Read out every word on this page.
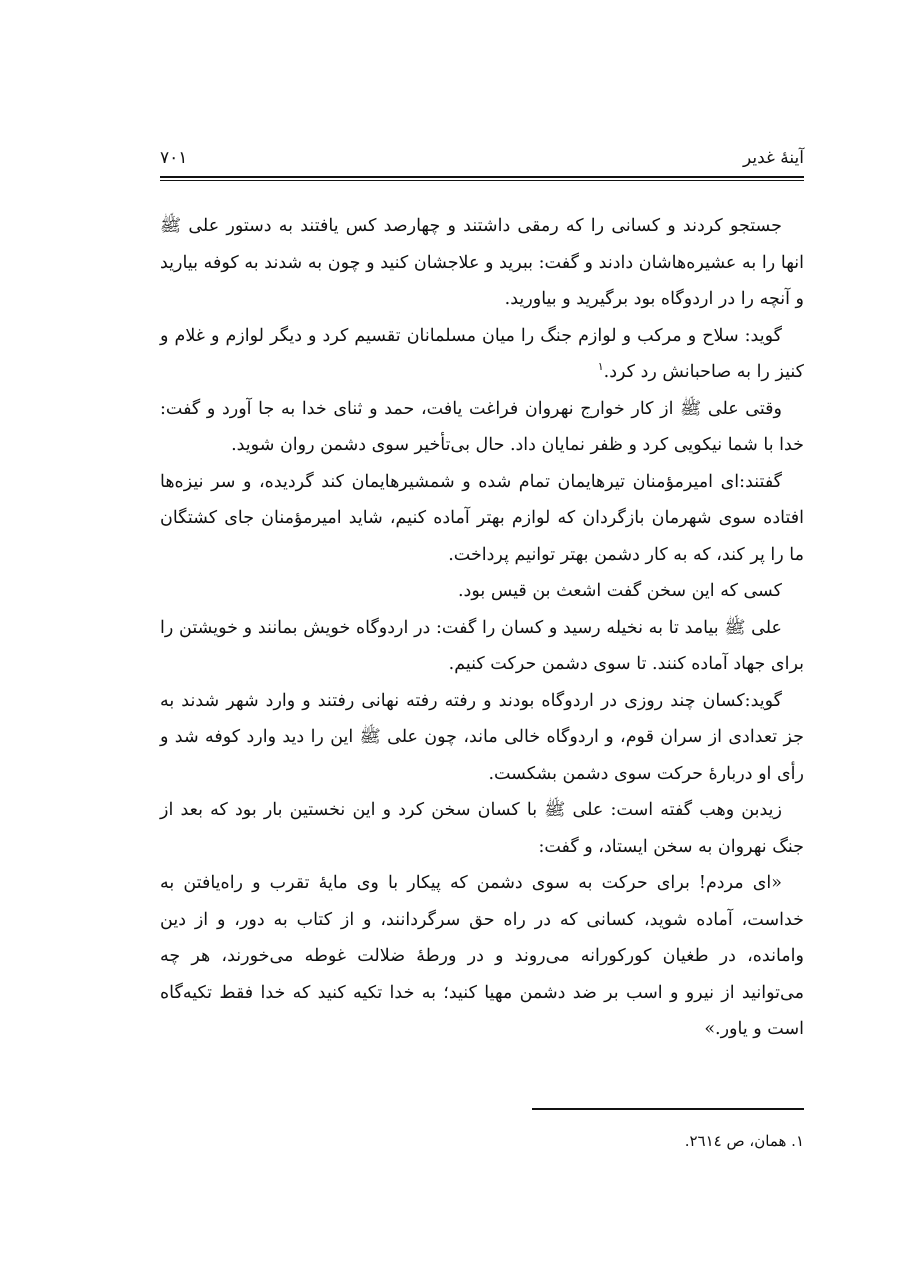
آینهٔ غدیر
۷۰۱

جستجو کردند و کسانی را که رمقی داشتند و چهارصد کس یافتند به دستور علی ﷺ انها را به عشیره‌هاشان دادند و گفت: ببرید و علاجشان کنید و چون به شدند به کوفه بیارید و آنچه را در اردوگاه بود برگیرید و بیاورید.

گوید: سلاح و مرکب و لوازم جنگ را میان مسلمانان تقسیم کرد و دیگر لوازم و غلام و کنیز را به صاحبانش رد کرد.$^۱$

وقتی علی ﷺ از کار خوارج نهروان فراغت یافت، حمد و ثنای خدا به جا آورد و گفت: خدا با شما نیکویی کرد و ظفر نمایان داد. حال بی‌تأخیر سوی دشمن روان شوید.

گفتند:ای امیرمؤمنان تیرهایمان تمام شده و شمشیرهایمان کند گردیده، و سر نیزه‌ها افتاده سوی شهرمان بازگردان که لوازم بهتر آماده کنیم، شاید امیرمؤمنان جای کشتگان ما را پر کند، که به کار دشمن بهتر توانیم پرداخت.

کسی که این سخن گفت اشعث بن قیس بود.

علی ﷺ بیامد تا به نخیله رسید و کسان را گفت: در اردوگاه خویش بمانند و خویشتن را برای جهاد آماده کنند. تا سوی دشمن حرکت کنیم.

گوید:کسان چند روزی در اردوگاه بودند و رفته رفته نهانی رفتند و وارد شهر شدند به جز تعدادی از سران قوم، و اردوگاه خالی ماند، چون علی ﷺ این را دید وارد کوفه شد و رأی او دربارهٔ حرکت سوی دشمن بشکست.

زیدبن وهب گفته است: علی ﷺ با کسان سخن کرد و این نخستین بار بود که بعد از جنگ نهروان به سخن ایستاد، و گفت:

«ای مردم! برای حرکت به سوی دشمن که پیکار با وی مایهٔ تقرب و راه‌یافتن به خداست، آماده شوید، کسانی که در راه حق سرگردانند، و از کتاب به دور، و از دین وامانده، در طغیان کورکورانه می‌روند و در ورطهٔ ضلالت غوطه می‌خورند، هر چه می‌توانید از نیرو و اسب بر ضد دشمن مهیا کنید؛ به خدا تکیه کنید که خدا فقط تکیه‌گاه است و یاور.»

۱. همان، ص ۲٦١٤.
